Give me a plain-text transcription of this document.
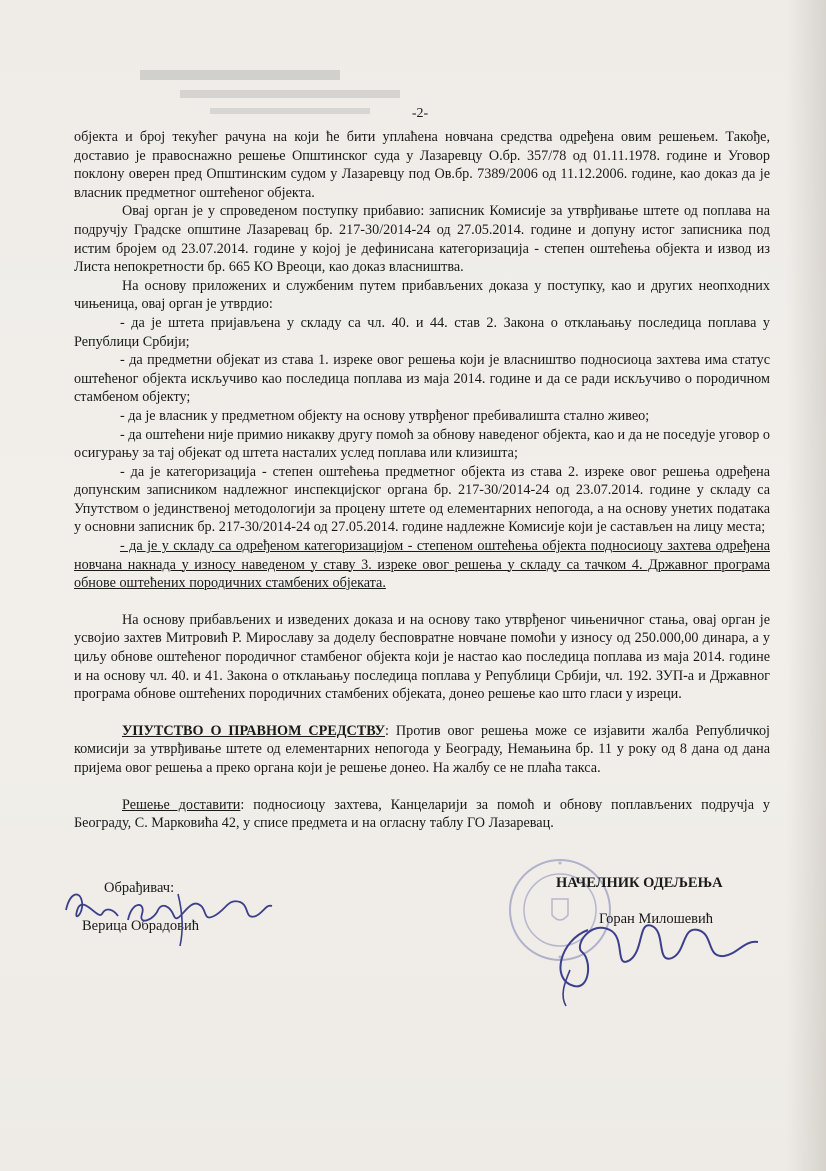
-2-

објекта и број текућег рачуна на који ће бити уплаћена новчана средства одређена овим решењем. Такође, доставио је правоснажно решење Општинског суда у Лазаревцу О.бр. 357/78 од 01.11.1978. године и Уговор поклону оверен пред Општинским судом у Лазаревцу под Ов.бр. 7389/2006 од 11.12.2006. године, као доказ да је власник предметног оштећеног објекта.

Овај орган је у спроведеном поступку прибавио: записник Комисије за утврђивање штете од поплава на подручју Градске општине Лазаревац бр. 217-30/2014-24 од 27.05.2014. године и допуну истог записника под истим бројем од 23.07.2014. године у којој је дефинисана категоризација - степен оштећења објекта и извод из Листа непокретности бр. 665 КО Вреоци, као доказ власништва.

На основу приложених и службеним путем прибављених доказа у поступку, као и других неопходних чињеница, овај орган је утврдио:

- да је штета пријављена у складу са чл. 40. и 44. став 2. Закона о отклањању последица поплава у Републици Србији;

- да предметни објекат из става 1. изреке овог решења који је власништво подносиоца захтева има статус оштећеног објекта искључиво као последица поплава из маја 2014. године и да се ради искључиво о породичном стамбеном објекту;

- да је власник у предметном објекту на основу утврђеног пребивалишта стално живео;

- да оштећени није примио никакву другу помоћ за обнову наведеног објекта, као и да не поседује уговор о осигурању за тај објекат од штета насталих услед поплава или клизишта;

- да је категоризација - степен оштећења предметног објекта из става 2. изреке овог решења одређена допунским записником надлежног инспекцијског органа бр. 217-30/2014-24 од 23.07.2014. године у складу са Упутством о јединственој методологији за процену штете од елементарних непогода, а на основу унетих података у основни записник бр. 217-30/2014-24 од 27.05.2014. године надлежне Комисије који је састављен на лицу места;

- да је у складу са одређеном категоризацијом - степеном оштећења објекта подносиоцу захтева одређена новчана накнада у износу наведеном у ставу 3. изреке овог решења у складу са тачком 4. Државног програма обнове оштећених породичних стамбених објеката.

На основу прибављених и изведених доказа и на основу тако утврђеног чињеничног стања, овај орган је усвојио захтев Митровић Р. Мирославу за доделу бесповратне новчане помоћи у износу од 250.000,00 динара, а у циљу обнове оштећеног породичног стамбеног објекта који је настао као последица поплава из маја 2014. године и на основу чл. 40. и 41. Закона о отклањању последица поплава у Републици Србији, чл. 192. ЗУП-а и Државног програма обнове оштећених породичних стамбених објеката, донео решење као што гласи у изреци.

УПУТСТВО О ПРАВНОМ СРЕДСТВУ: Против овог решења може се изјавити жалба Републичкој комисији за утврђивање штете од елементарних непогода у Београду, Немањина бр. 11 у року од 8 дана од дана пријема овог решења а преко органа који је решење донео. На жалбу се не плаћа такса.

Решење доставити: подносиоцу захтева, Канцеларији за помоћ и обнову поплављених подручја у Београду, С. Марковића 42, у списе предмета и на огласну таблу ГО Лазаревац.

Обрађивач:
Верица Обрадовић
НАЧЕЛНИК ОДЕЉЕЊА
Горан Милошевић
